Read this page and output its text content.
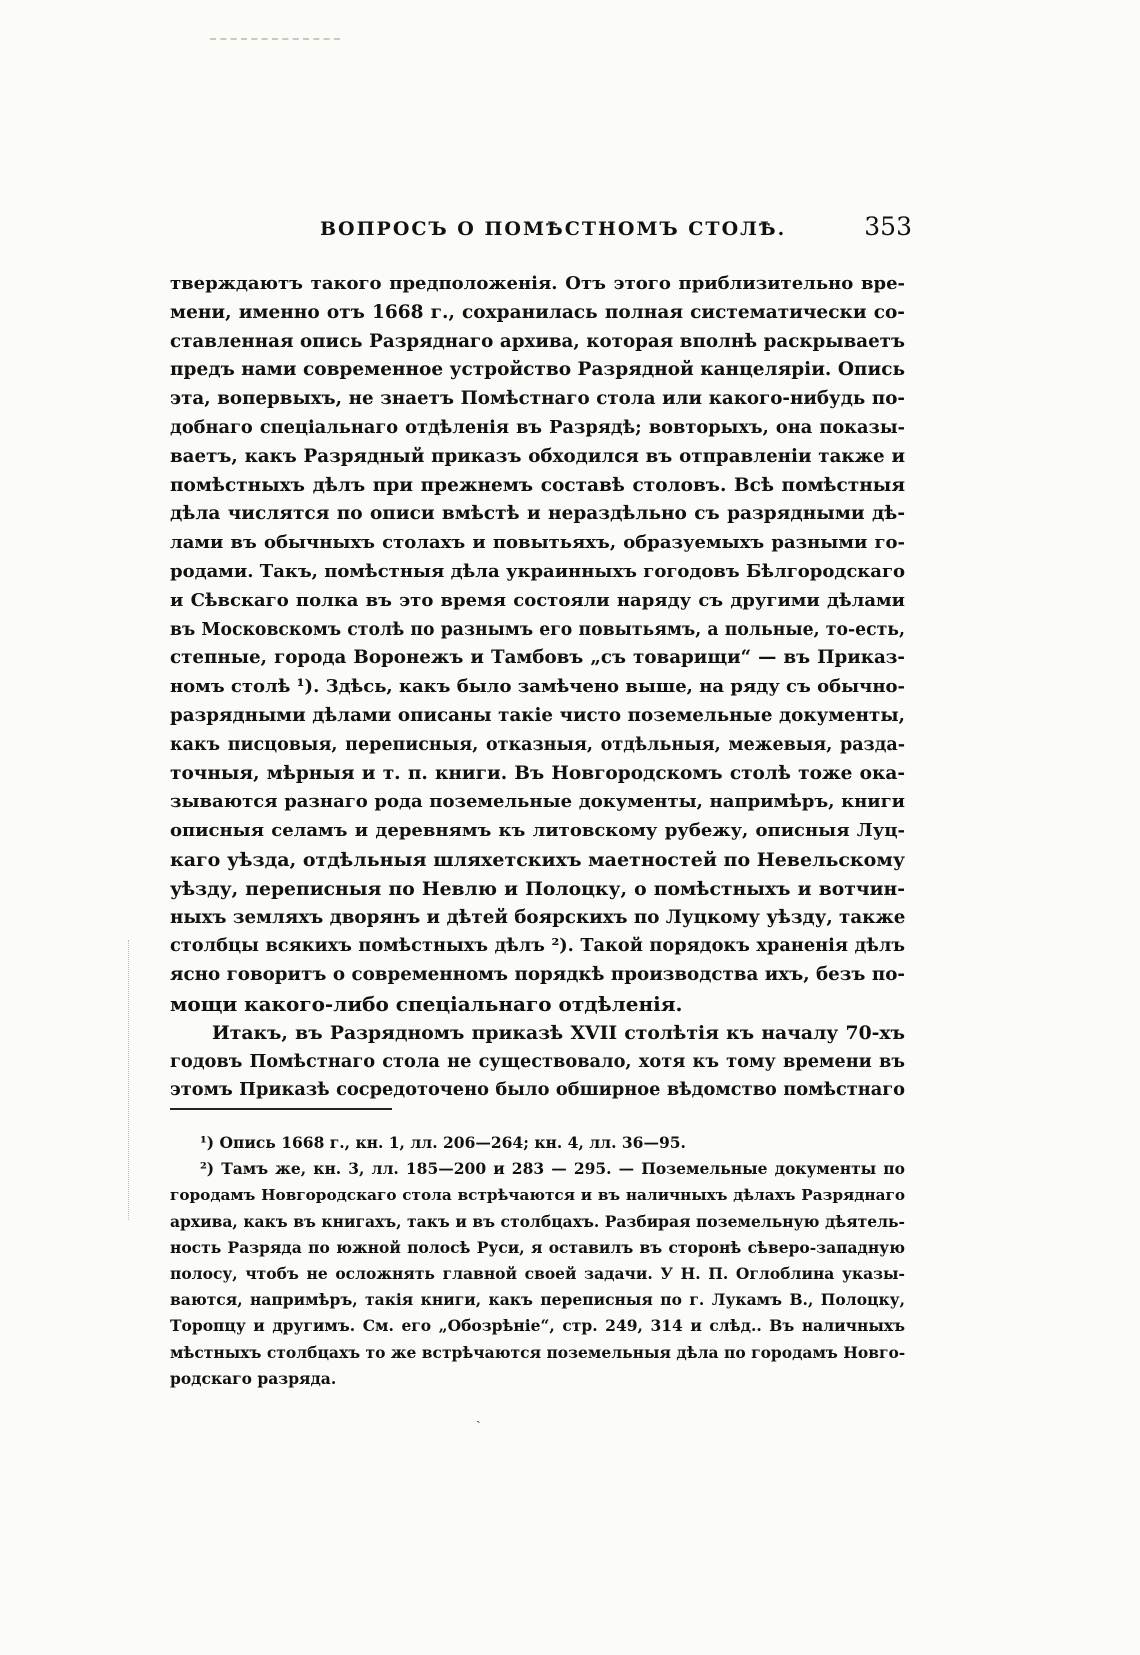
ВОПРОСЪ О ПОМѢСТНОМЪ СТОЛѢ.	353
тверждаютъ такого предположенія. Отъ этого приблизительно вре-
мени, именно отъ 1668 г., сохранилась полная систематически со-
ставленная опись Разряднаго архива, которая вполнѣ раскрываетъ
предъ нами современное устройство Разрядной канцеляріи. Опись
эта, вопервыхъ, не знаетъ Помѣстнаго стола или какого-нибудь по-
добнаго спеціальнаго отдѣленія въ Разрядѣ; вовторыхъ, она показы-
ваетъ, какъ Разрядный приказъ обходился въ отправленіи также и
помѣстныхъ дѣлъ при прежнемъ составѣ столовъ. Всѣ помѣстныя
дѣла числятся по описи вмѣстѣ и нераздѣльно съ разрядными дѣ-
лами въ обычныхъ столахъ и повытьяхъ, образуемыхъ разными го-
родами. Такъ, помѣстныя дѣла украинныхъ гогодовъ Бѣлгородскаго
и Сѣвскаго полка въ это время состояли наряду съ другими дѣлами
въ Московскомъ столѣ по разнымъ его повытьямъ, а польные, то-есть,
степные, города Воронежъ и Тамбовъ „съ товарищи“ — въ Приказ-
номъ столѣ ¹). Здѣсь, какъ было замѣчено выше, на ряду съ обычно-
разрядными дѣлами описаны такіе чисто поземельные документы,
какъ писцовыя, переписныя, отказныя, отдѣльныя, межевыя, разда-
точныя, мѣрныя и т. п. книги. Въ Новгородскомъ столѣ тоже ока-
зываются разнаго рода поземельные документы, напримѣръ, книги
описныя селамъ и деревнямъ къ литовскому рубежу, описныя Луц-
каго уѣзда, отдѣльныя шляхетскихъ маетностей по Невельскому
уѣзду, переписныя по Невлю и Полоцку, о помѣстныхъ и вотчин-
ныхъ земляхъ дворянъ и дѣтей боярскихъ по Луцкому уѣзду, также
столбцы всякихъ помѣстныхъ дѣлъ ²). Такой порядокъ храненія дѣлъ
ясно говоритъ о современномъ порядкѣ производства ихъ, безъ по-
мощи какого-либо спеціальнаго отдѣленія.
Итакъ, въ Разрядномъ приказѣ XVII столѣтія къ началу 70-хъ
годовъ Помѣстнаго стола не существовало, хотя къ тому времени въ
этомъ Приказѣ сосредоточено было обширное вѣдомство помѣстнаго
¹) Опись 1668 г., кн. 1, лл. 206—264; кн. 4, лл. 36—95.
²) Тамъ же, кн. 3, лл. 185—200 и 283 — 295. — Поземельные документы по
городамъ Новгородскаго стола встрѣчаются и въ наличныхъ дѣлахъ Разряднаго
архива, какъ въ книгахъ, такъ и въ столбцахъ. Разбирая поземельную дѣятель-
ность Разряда по южной полосѣ Руси, я оставилъ въ сторонѣ сѣверо-западную
полосу, чтобъ не осложнять главной своей задачи. У Н. П. Оглоблина указы-
ваются, напримѣръ, такія книги, какъ переписныя по г. Лукамъ В., Полоцку,
Торопцу и другимъ. См. его „Обозрѣніе“, стр. 249, 314 и слѣд.. Въ наличныхъ
мѣстныхъ столбцахъ то же встрѣчаются поземельныя дѣла по городамъ Новго-
родскаго разряда.
ˎ
